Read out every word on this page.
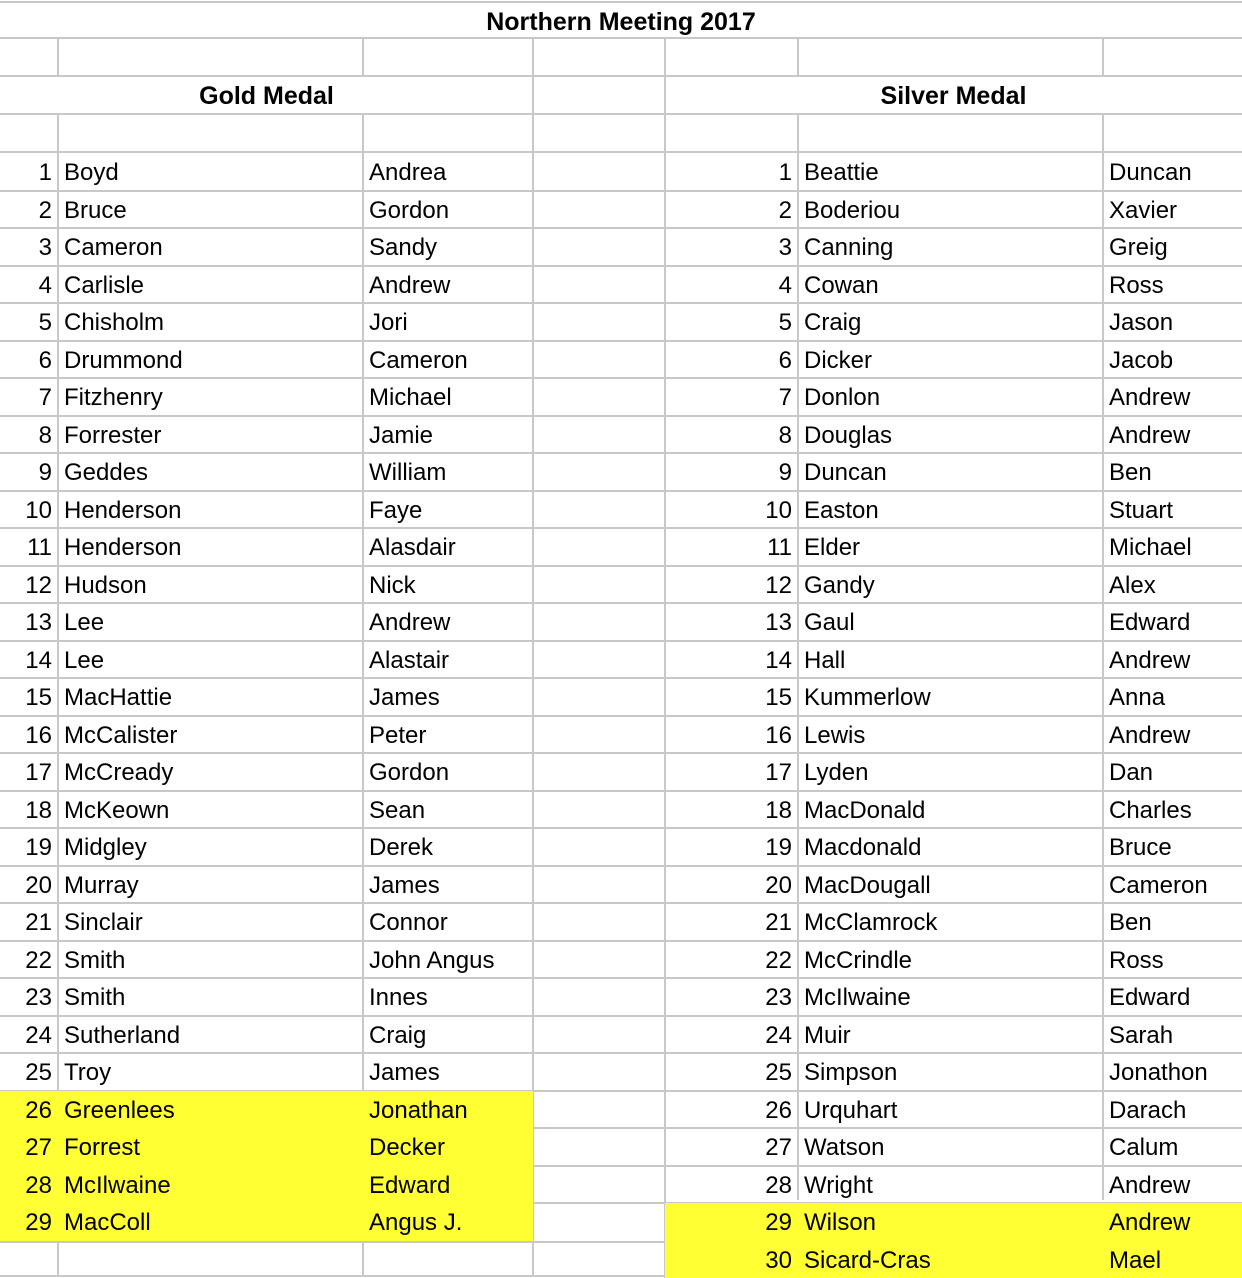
Northern Meeting 2017
Gold Medal	Silver Medal
1 Boyd	Andrea
2 Bruce	Gordon
3 Cameron	Sandy
4 Carlisle	Andrew
5 Chisholm	Jori
6 Drummond	Cameron
7 Fitzhenry	Michael
8 Forrester	Jamie
9 Geddes	William
10 Henderson	Faye
11 Henderson	Alasdair
12 Hudson	Nick
13 Lee	Andrew
14 Lee	Alastair
15 MacHattie	James
16 McCalister	Peter
17 McCready	Gordon
18 McKeown	Sean
19 Midgley	Derek
20 Murray	James
21 Sinclair	Connor
22 Smith	John Angus
23 Smith	Innes
24 Sutherland	Craig
25 Troy	James
26 Greenlees	Jonathan
27 Forrest	Decker
28 McIlwaine	Edward
29 MacColl	Angus J.
1 Beattie	Duncan
2 Boderiou	Xavier
3 Canning	Greig
4 Cowan	Ross
5 Craig	Jason
6 Dicker	Jacob
7 Donlon	Andrew
8 Douglas	Andrew
9 Duncan	Ben
10 Easton	Stuart
11 Elder	Michael
12 Gandy	Alex
13 Gaul	Edward
14 Hall	Andrew
15 Kummerlow	Anna
16 Lewis	Andrew
17 Lyden	Dan
18 MacDonald	Charles
19 Macdonald	Bruce
20 MacDougall	Cameron
21 McClamrock	Ben
22 McCrindle	Ross
23 McIlwaine	Edward
24 Muir	Sarah
25 Simpson	Jonathon
26 Urquhart	Darach
27 Watson	Calum
28 Wright	Andrew
29 Wilson	Andrew
30 Sicard-Cras	Mael
